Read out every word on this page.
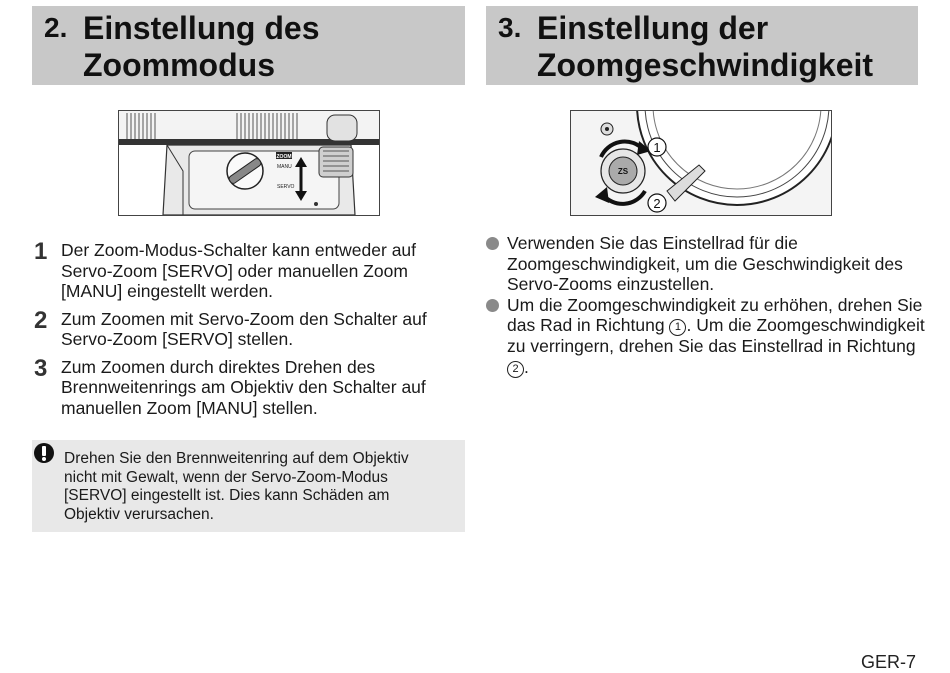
2. Einstellung des
Zoommodus
ZOOM
MANU
SERVO
1 Der Zoom-Modus-Schalter kann entweder auf Servo-Zoom [SERVO] oder manuellen Zoom [MANU] eingestellt werden.
2 Zum Zoomen mit Servo-Zoom den Schalter auf Servo-Zoom [SERVO] stellen.
3 Zum Zoomen durch direktes Drehen des Brennweitenrings am Objektiv den Schalter auf manuellen Zoom [MANU] stellen.
Drehen Sie den Brennweitenring auf dem Objektiv
nicht mit Gewalt, wenn der Servo-Zoom-Modus
[SERVO] eingestellt ist. Dies kann Schäden am
Objektiv verursachen.
3. Einstellung der
Zoomgeschwindigkeit
ZS
1
2
Verwenden Sie das Einstellrad für die Zoomgeschwindigkeit, um die Geschwindigkeit des Servo-Zooms einzustellen.
Um die Zoomgeschwindigkeit zu erhöhen, drehen Sie das Rad in Richtung 1 . Um die Zoomgeschwindigkeit zu verringern, drehen Sie das Einstellrad in Richtung 2 .
GER-7
